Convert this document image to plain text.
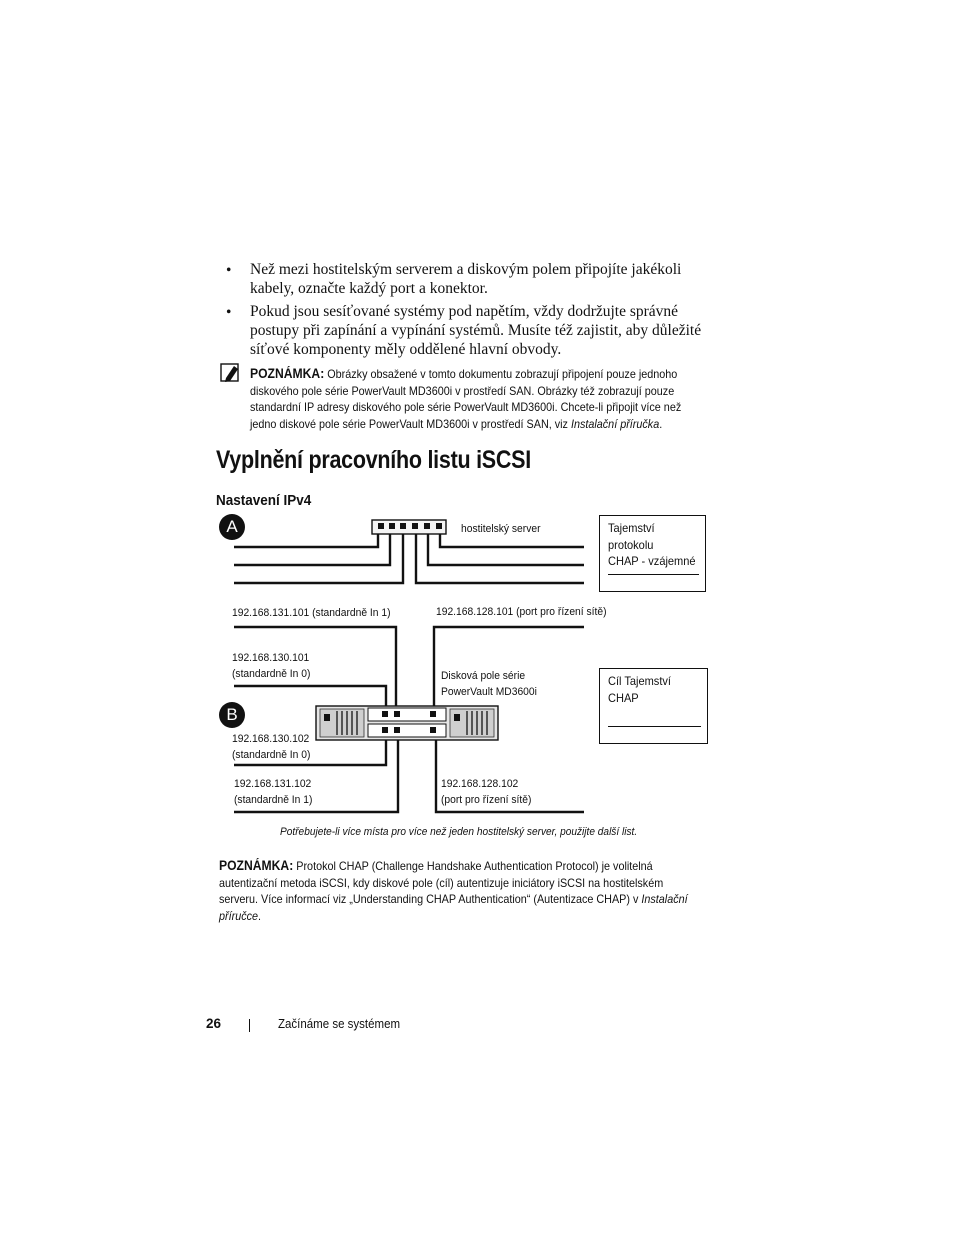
• Než mezi hostitelským serverem a diskovým polem připojíte jakékoli kabely, označte každý port a konektor.

• Pokud jsou sesíťované systémy pod napětím, vždy dodržujte správné postupy při zapínání a vypínání systémů. Musíte též zajistit, aby důležité síťové komponenty měly oddělené hlavní obvody.

POZNÁMKA: Obrázky obsažené v tomto dokumentu zobrazují připojení pouze jednoho diskového pole série PowerVault MD3600i v prostředí SAN. Obrázky též zobrazují pouze standardní IP adresy diskového pole série PowerVault MD3600i. Chcete-li připojit více než jedno diskové pole série PowerVault MD3600i v prostředí SAN, viz Instalační příručka.

Vyplnění pracovního listu iSCSI
Nastavení IPv4
A
B
hostitelský server
192.168.131.101 (standardně In 1)	192.168.128.101 (port pro řízení sítě)
192.168.130.101
(standardně In 0)	Disková pole série
PowerVault MD3600i
192.168.130.102
(standardně In 0)
192.168.131.102
(standardně In 1)
192.168.128.102
(port pro řízení sítě)
Tajemství
protokolu
CHAP - vzájemné
Cíl Tajemství
CHAP
Potřebujete-li více místa pro více než jeden hostitelský server, použijte další list.

POZNÁMKA: Protokol CHAP (Challenge Handshake Authentication Protocol) je volitelná autentizační metoda iSCSI, kdy diskové pole (cíl) autentizuje iniciátory iSCSI na hostitelském serveru. Více informací viz „Understanding CHAP Authentication“ (Autentizace CHAP) v Instalační příručce.

26	Začínáme se systémem
